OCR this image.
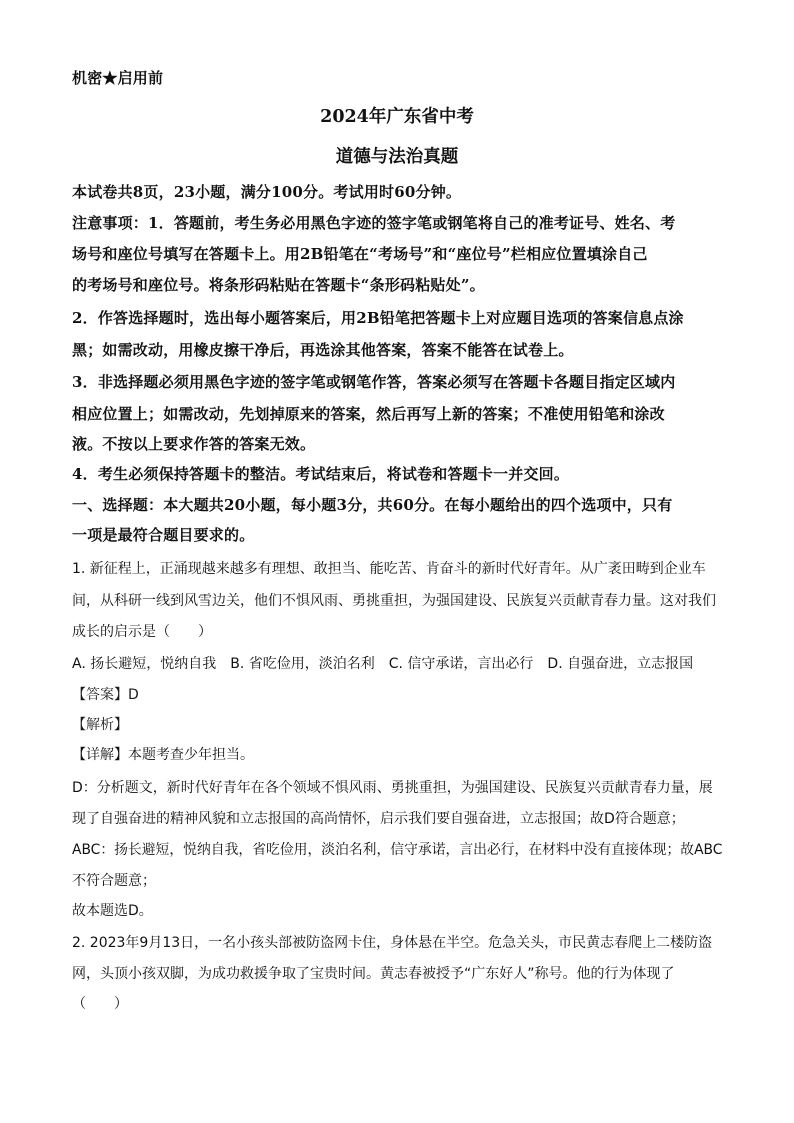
机密★启用前
2024年广东省中考
道德与法治真题
本试卷共8页，23小题，满分100分。考试用时60分钟。
注意事项：1．答题前，考生务必用黑色字迹的签字笔或钢笔将自己的准考证号、姓名、考
场号和座位号填写在答题卡上。用2B铅笔在“考场号”和“座位号”栏相应位置填涂自己
的考场号和座位号。将条形码粘贴在答题卡“条形码粘贴处”。
2．作答选择题时，选出每小题答案后，用2B铅笔把答题卡上对应题目选项的答案信息点涂
黑；如需改动，用橡皮擦干净后，再选涂其他答案，答案不能答在试卷上。
3．非选择题必须用黑色字迹的签字笔或钢笔作答，答案必须写在答题卡各题目指定区域内
相应位置上；如需改动，先划掉原来的答案，然后再写上新的答案；不准使用铅笔和涂改
液。不按以上要求作答的答案无效。
4．考生必须保持答题卡的整洁。考试结束后，将试卷和答题卡一并交回。
一、选择题：本大题共20小题，每小题3分，共60分。在每小题给出的四个选项中，只有
一项是最符合题目要求的。
1. 新征程上，正涌现越来越多有理想、敢担当、能吃苦、肯奋斗的新时代好青年。从广袤田畴到企业车
间，从科研一线到风雪边关，他们不惧风雨、勇挑重担，为强国建设、民族复兴贡献青春力量。这对我们
成长的启示是（　　）
A. 扬长避短，悦纳自我　B. 省吃俭用，淡泊名利　C. 信守承诺，言出必行　D. 自强奋进，立志报国
【答案】D
【解析】
【详解】本题考查少年担当。
D：分析题文，新时代好青年在各个领域不惧风雨、勇挑重担，为强国建设、民族复兴贡献青春力量，展
现了自强奋进的精神风貌和立志报国的高尚情怀，启示我们要自强奋进，立志报国；故D符合题意；
ABC：扬长避短，悦纳自我，省吃俭用，淡泊名利，信守承诺，言出必行，在材料中没有直接体现；故ABC
不符合题意；
故本题选D。
2. 2023年9月13日，一名小孩头部被防盗网卡住，身体悬在半空。危急关头，市民黄志春爬上二楼防盗
网，头顶小孩双脚，为成功救援争取了宝贵时间。黄志春被授予“广东好人”称号。他的行为体现了
（　　）
